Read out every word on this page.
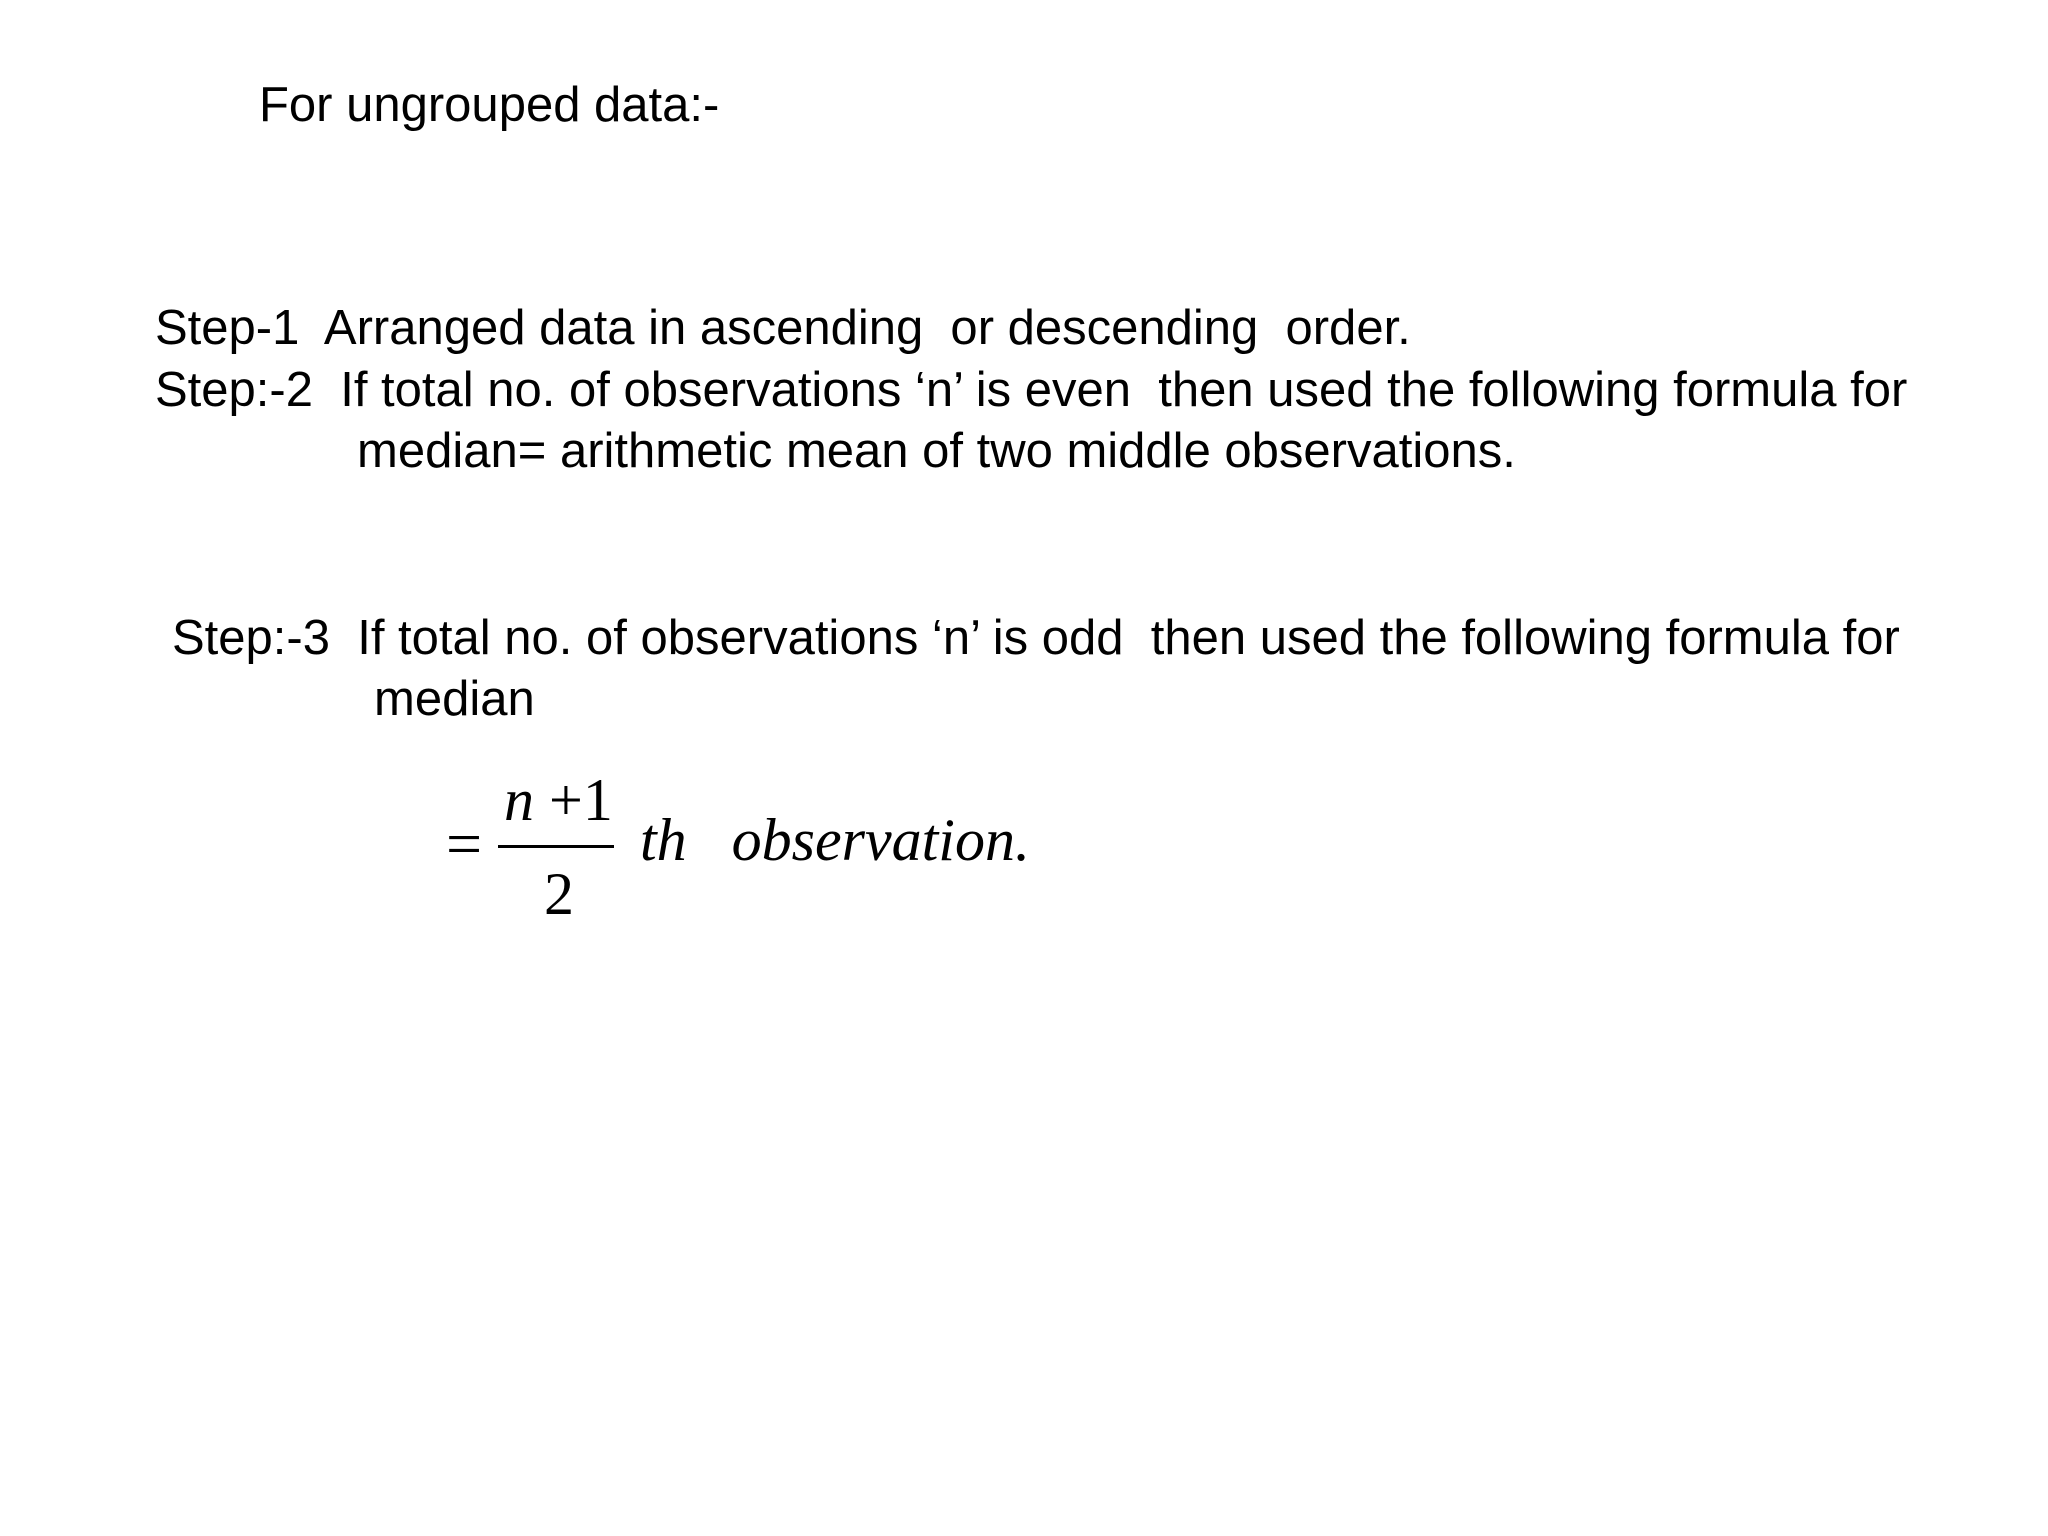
For ungrouped data:-
Step-1  Arranged data in ascending  or descending  order.
Step:-2  If total no. of observations ‘n’ is even  then used the following formula for
median= arithmetic mean of two middle observations.
Step:-3  If total no. of observations ‘n’ is odd  then used the following formula for
median
=
n +1
2
th   observation.
